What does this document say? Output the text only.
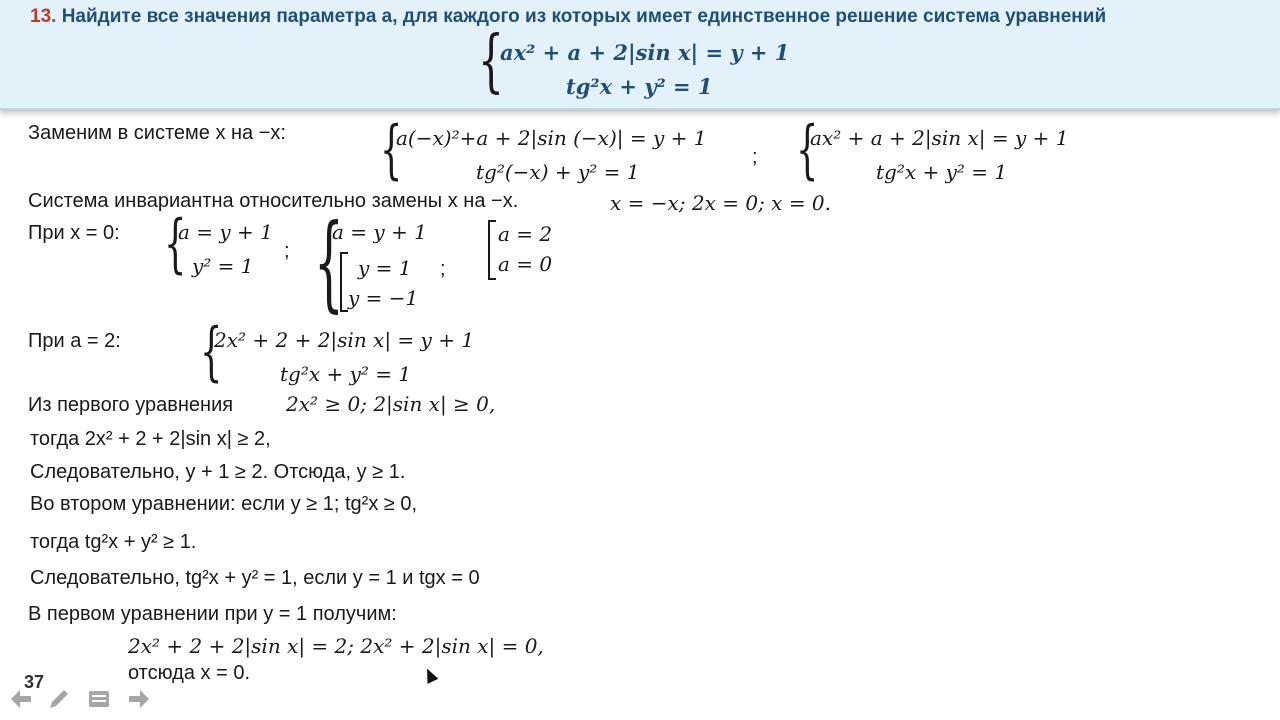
13. Найдите все значения параметра a, для каждого из которых имеет единственное решение система уравнений
{
ax² + a + 2|sin x| = y + 1
tg²x + y² = 1
Заменим в системе x на −x: {
a(−x)²+a + 2|sin (−x)| = y + 1
tg²(−x) + y² = 1
; {
ax² + a + 2|sin x| = y + 1
tg²x + y² = 1
Система инвариантна относительно замены x на −x.	x = −x; 2x = 0; x = 0.
При x = 0: {
a = y + 1
y² = 1
; {
a = y + 1
y = 1
y = −1
;
a = 2
a = 0
При a = 2: {
2x² + 2 + 2|sin x| = y + 1
tg²x + y² = 1
Из первого уравнения	2x² ≥ 0; 2|sin x| ≥ 0,
тогда 2x² + 2 + 2|sin x| ≥ 2,
Следовательно, y + 1 ≥ 2. Отсюда, y ≥ 1.
Во втором уравнении: если y ≥ 1; tg²x ≥ 0,
тогда tg²x + y² ≥ 1.
Следовательно, tg²x + y² = 1, если y = 1 и tgx = 0
В первом уравнении при y = 1 получим:
2x² + 2 + 2|sin x| = 2; 2x² + 2|sin x| = 0,
отсюда x = 0.
37
